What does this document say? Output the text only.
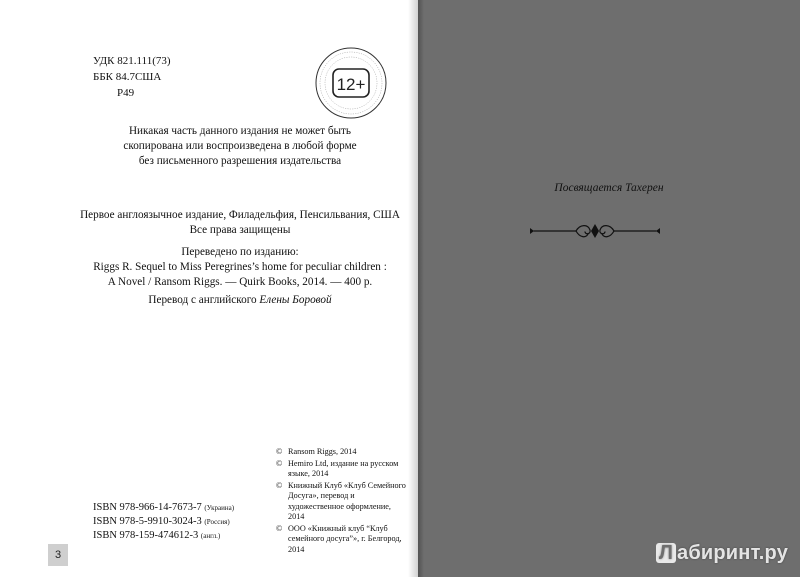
УДК 821.111(73)
ББК 84.7США
Р49	12+
Никакая часть данного издания не может быть
скопирована или воспроизведена в любой форме
без письменного разрешения издательства
Первое англоязычное издание, Филадельфия, Пенсильвания, США
Все права защищены
Переведено по изданию:
Riggs R. Sequel to Miss Peregrines’s home for peculiar children :
A Novel / Ransom Riggs. — Quirk Books, 2014. — 400 p.
Перевод с английского Елены Боровой
© Ransom Riggs, 2014
© Hemiro Ltd, издание на русском языке, 2014
© Книжный Клуб «Клуб Семейного Досуга», перевод и художественное оформление, 2014
© ООО «Книжный клуб “Клуб семейного досуга”», г. Белгород, 2014
ISBN 978-966-14-7673-7 (Украина)
ISBN 978-5-9910-3024-3 (Россия)
ISBN 978-159-474612-3 (англ.)
3
Посвящается Тахерен
Л абиринт.ру
